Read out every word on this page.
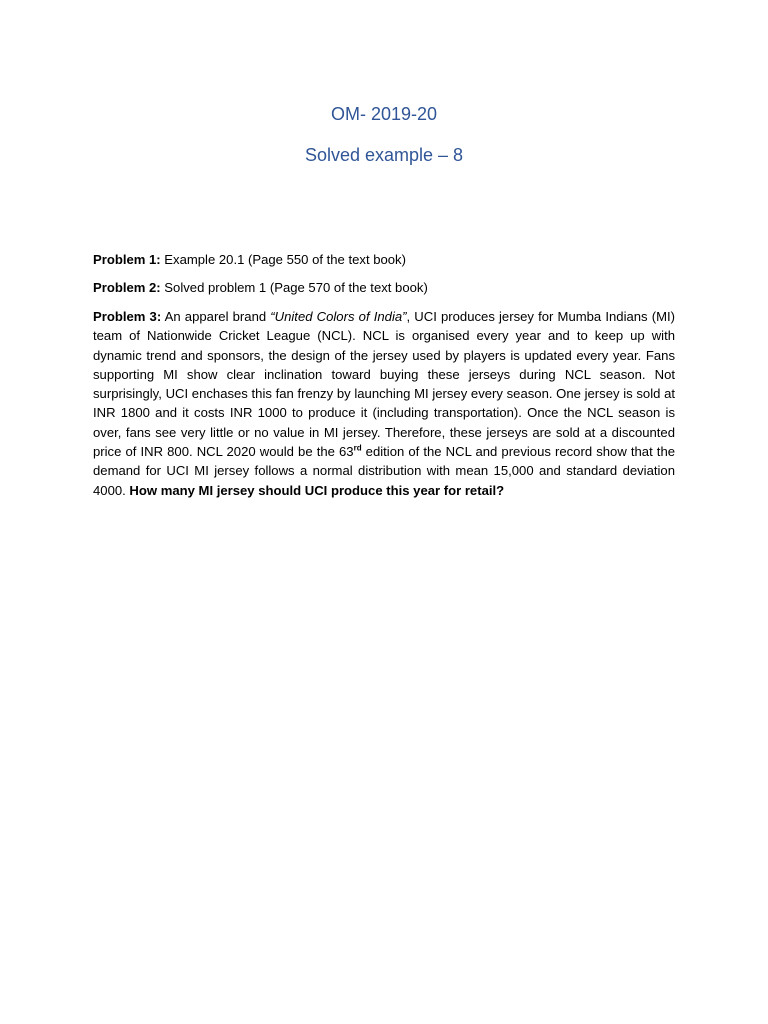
OM- 2019-20
Solved example – 8

Problem 1: Example 20.1 (Page 550 of the text book)

Problem 2: Solved problem 1 (Page 570 of the text book)

Problem 3: An apparel brand “United Colors of India”, UCI produces jersey for Mumba Indians (MI) team of Nationwide Cricket League (NCL). NCL is organised every year and to keep up with dynamic trend and sponsors, the design of the jersey used by players is updated every year. Fans supporting MI show clear inclination toward buying these jerseys during NCL season. Not surprisingly, UCI enchases this fan frenzy by launching MI jersey every season. One jersey is sold at INR 1800 and it costs INR 1000 to produce it (including transportation). Once the NCL season is over, fans see very little or no value in MI jersey. Therefore, these jerseys are sold at a discounted price of INR 800. NCL 2020 would be the 63rd edition of the NCL and previous record show that the demand for UCI MI jersey follows a normal distribution with mean 15,000 and standard deviation 4000. How many MI jersey should UCI produce this year for retail?
